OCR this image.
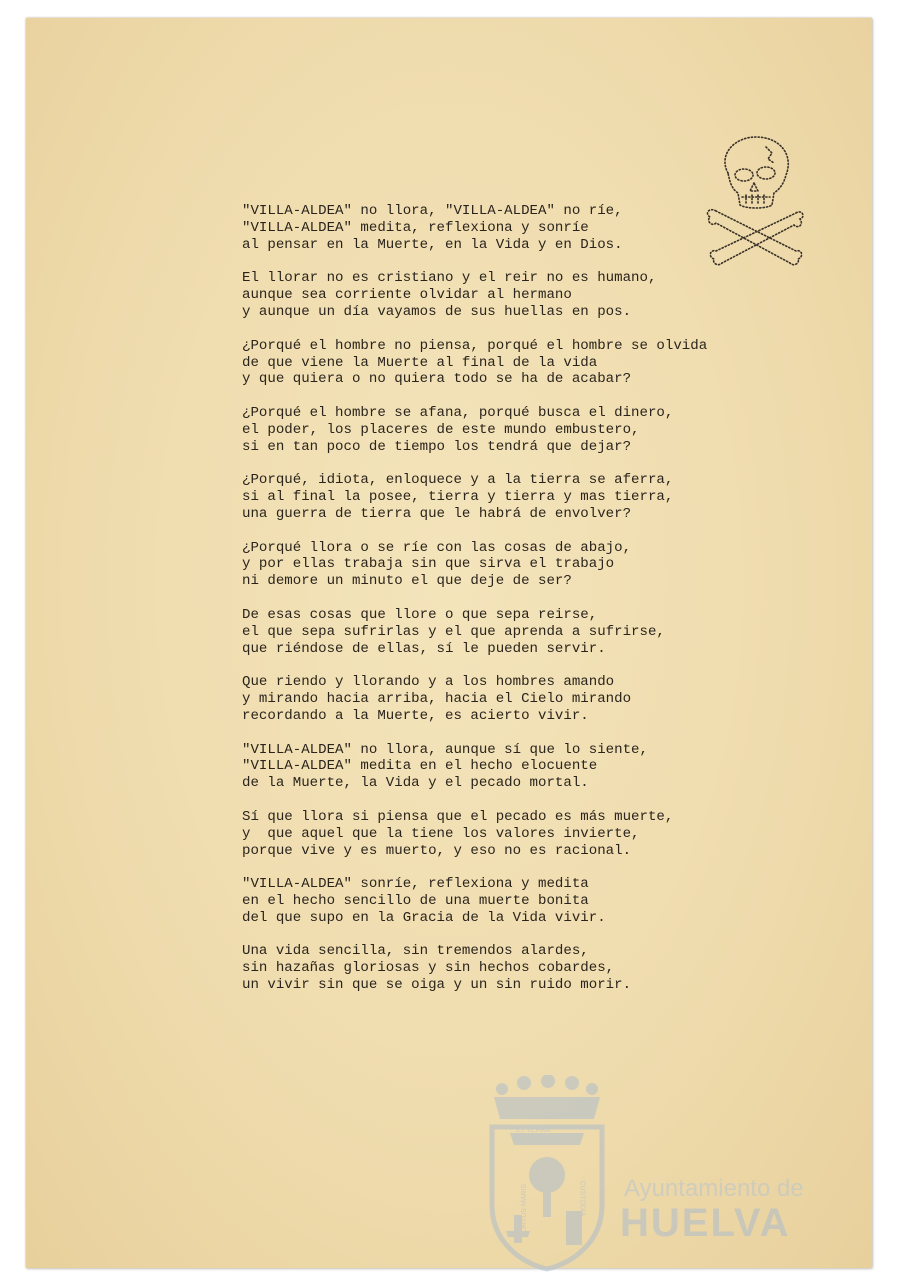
"VILLA-ALDEA" no llora, "VILLA-ALDEA" no ríe,
"VILLA-ALDEA" medita, reflexiona y sonríe
al pensar en la Muerte, en la Vida y en Dios.
El llorar no es cristiano y el reir no es humano,
aunque sea corriente olvidar al hermano
y aunque un día vayamos de sus huellas en pos.
¿Porqué el hombre no piensa, porqué el hombre se olvida
de que viene la Muerte al final de la vida
y que quiera o no quiera todo se ha de acabar?
¿Porqué el hombre se afana, porqué busca el dinero,
el poder, los placeres de este mundo embustero,
si en tan poco de tiempo los tendrá que dejar?
¿Porqué, idiota, enloquece y a la tierra se aferra,
si al final la posee, tierra y tierra y mas tierra,
una guerra de tierra que le habrá de envolver?
¿Porqué llora o se ríe con las cosas de abajo,
y por ellas trabaja sin que sirva el trabajo
ni demore un minuto el que deje de ser?
De esas cosas que llore o que sepa reirse,
el que sepa sufrirlas y el que aprenda a sufrirse,
que riéndose de ellas, sí le pueden servir.
Que riendo y llorando y a los hombres amando
y mirando hacia arriba, hacia el Cielo mirando
recordando a la Muerte, es acierto vivir.
"VILLA-ALDEA" no llora, aunque sí que lo siente,
"VILLA-ALDEA" medita en el hecho elocuente
de la Muerte, la Vida y el pecado mortal.
Sí que llora si piensa que el pecado es más muerte,
y  que aquel que la tiene los valores invierte,
porque vive y es muerto, y eso no es racional.
"VILLA-ALDEA" sonríe, reflexiona y medita
en el hecho sencillo de una muerte bonita
del que supo en la Gracia de la Vida vivir.
Una vida sencilla, sin tremendos alardes,
sin hazañas gloriosas y sin hechos cobardes,
un vivir sin que se oiga y un sin ruido morir.
ET TERRA
PORTUS MARIS	CUSTODIA Ayuntamiento de
HUELVA
